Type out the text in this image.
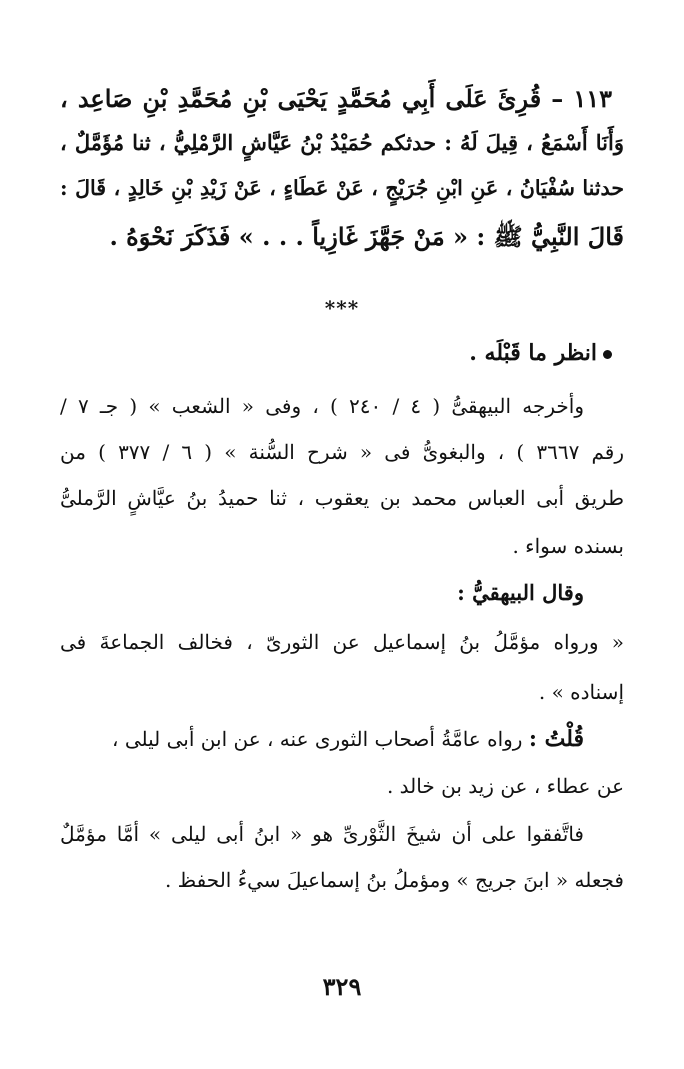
١١٣ – قُرِئَ عَلَى أَبِي مُحَمَّدٍ يَحْيَى بْنِ مُحَمَّدِ بْنِ صَاعِد ،
وَأَنَا أَسْمَعُ ، قِيلَ لَهُ : حدثكم حُمَيْدُ بْنُ عَيَّاشٍ الرَّمْلِيُّ ، ثنا مُؤَمَّلٌ ،
حدثنا سُفْيَانُ ، عَنِ ابْنِ جُرَيْجٍ ، عَنْ عَطَاءٍ ، عَنْ زَيْدِ بْنِ خَالِدٍ ، قَالَ :
قَالَ النَّبِيُّ ﷺ : « مَنْ جَهَّزَ غَازِياً . . . » فَذَكَرَ نَحْوَهُ .
***
انظر ما قَبْلَه .
وأخرجه البيهقىُّ ( ٤ / ٢٤٠ ) ، وفى « الشعب » ( جـ ٧ /
رقم ٣٦٦٧ ) ، والبغوىُّ فى « شرح السُّنة » ( ٦ / ٣٧٧ ) من
طريق أبى العباس محمد بن يعقوب ، ثنا حميدُ بنُ عيَّاشٍ الرَّملىُّ
بسنده سواء .
وقال البيهقيُّ :
« ورواه مؤمَّلُ بنُ إسماعيل عن الثورىّ ، فخالف الجماعةَ فى
إسناده » .
قُلْتُ : رواه عامَّةُ أصحاب الثورى عنه ، عن ابن أبى ليلى ،
عن عطاء ، عن زيد بن خالد .
فاتَّفقوا على أن شيخَ الثَّوْرىِّ هو « ابنُ أبى ليلى » أمَّا مؤمَّلٌ
فجعله « ابنَ جريج » ومؤملُ بنُ إسماعيلَ سيءُ الحفظ .
٣٢٩
